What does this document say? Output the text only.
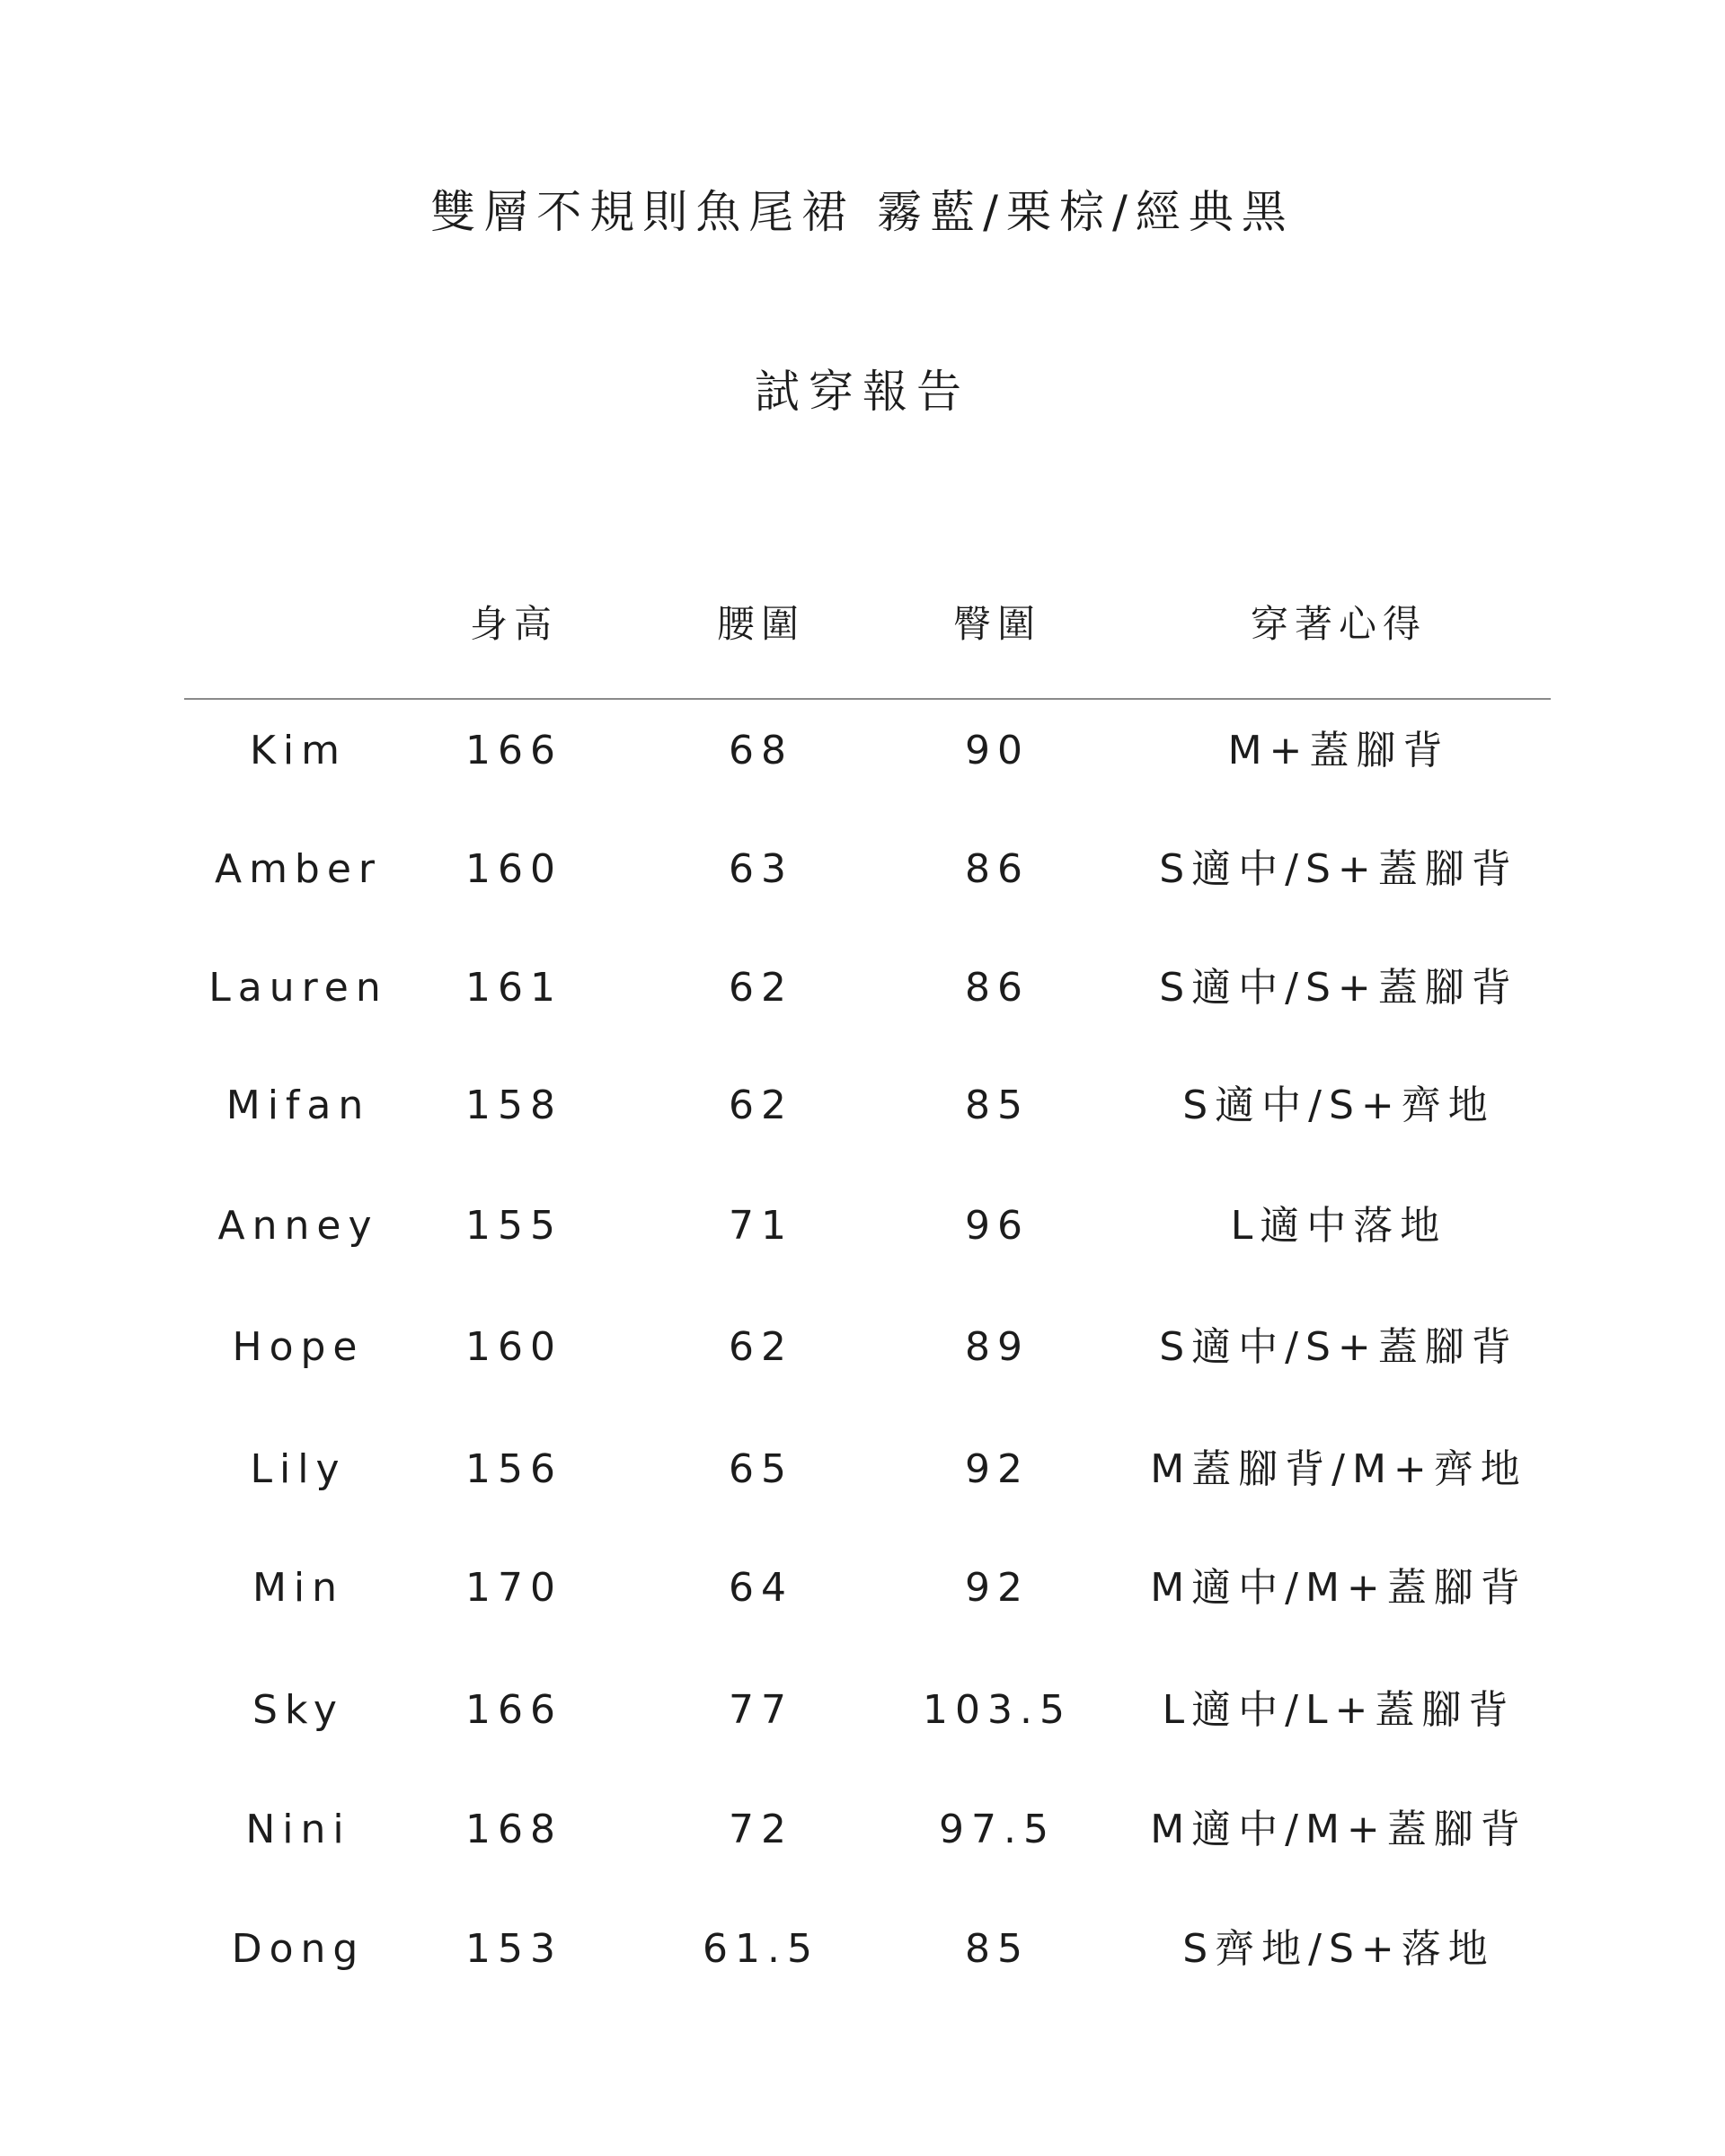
雙層不規則魚尾裙 霧藍/栗棕/經典黑
試穿報告
身高	腰圍	臀圍	穿著心得
Kim	166	68	90	M+蓋腳背
Amber 160	63	86	S適中/S+蓋腳背
Lauren 161	62	86	S適中/S+蓋腳背
Mifan 158	62	85	S適中/S+齊地
Anney 155	71	96	L適中落地
Hope	160	62	89	S適中/S+蓋腳背
Lily	156	65	92	M蓋腳背/M+齊地
Min	170	64	92	M適中/M+蓋腳背
Sky	166	77	103.5 L適中/L+蓋腳背
Nini	168	72	97.5 M適中/M+蓋腳背
Dong	153	61.5	85	S齊地/S+落地
